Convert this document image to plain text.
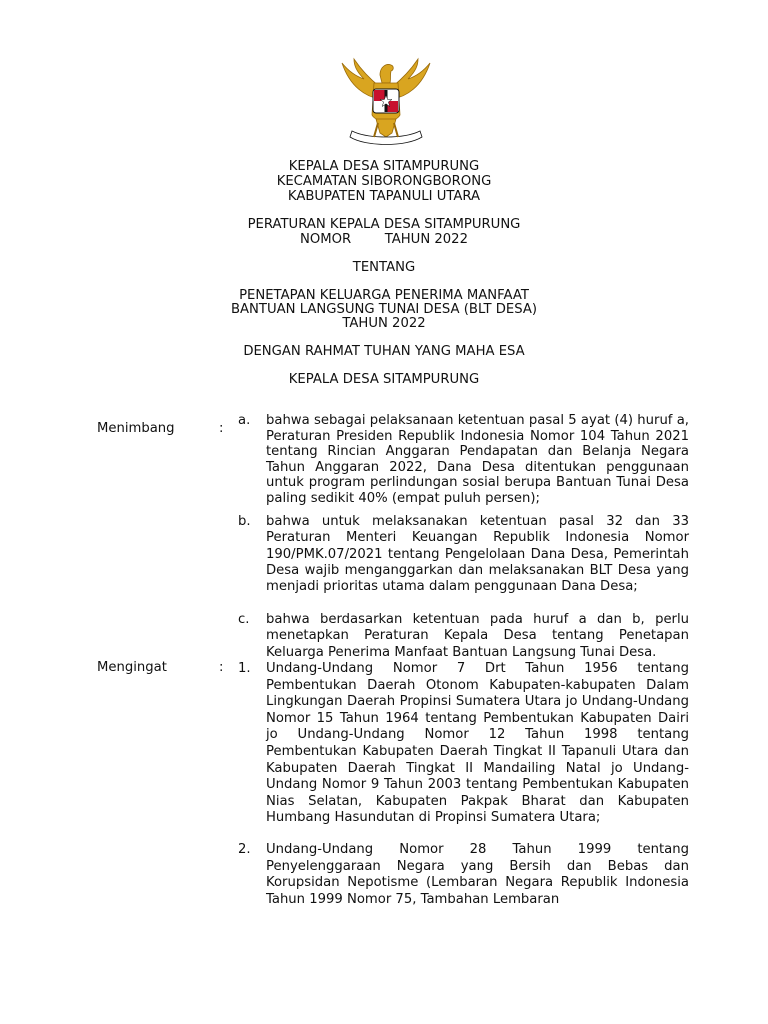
KEPALA DESA SITAMPURUNG
KECAMATAN SIBORONGBORONG
KABUPATEN TAPANULI UTARA
PERATURAN KEPALA DESA SITAMPURUNG
NOMOR        TAHUN 2022
TENTANG
PENETAPAN KELUARGA PENERIMA MANFAAT
BANTUAN LANGSUNG TUNAI DESA (BLT DESA)
TAHUN 2022
DENGAN RAHMAT TUHAN YANG MAHA ESA
KEPALA DESA SITAMPURUNG
Menimbang	:
a. bahwa sebagai pelaksanaan ketentuan pasal 5 ayat (4) huruf a, Peraturan Presiden Republik Indonesia Nomor 104 Tahun 2021 tentang Rincian Anggaran Pendapatan dan Belanja Negara Tahun Anggaran 2022, Dana Desa ditentukan penggunaan untuk program perlindungan sosial berupa Bantuan Tunai Desa paling sedikit 40% (empat puluh persen);
b. bahwa untuk melaksanakan ketentuan pasal 32 dan 33 Peraturan Menteri Keuangan Republik Indonesia Nomor 190/PMK.07/2021 tentang Pengelolaan Dana Desa, Pemerintah Desa wajib menganggarkan dan melaksanakan BLT Desa yang menjadi prioritas utama dalam penggunaan Dana Desa;
c. bahwa berdasarkan ketentuan pada huruf a dan b, perlu menetapkan Peraturan Kepala Desa tentang Penetapan Keluarga Penerima Manfaat Bantuan Langsung Tunai Desa.
Mengingat	: 1. Undang-Undang Nomor 7 Drt Tahun 1956 tentang Pembentukan Daerah Otonom Kabupaten-kabupaten Dalam Lingkungan Daerah Propinsi Sumatera Utara jo Undang-Undang Nomor 15 Tahun 1964 tentang Pembentukan Kabupaten Dairi jo Undang-Undang Nomor 12 Tahun 1998 tentang Pembentukan Kabupaten Daerah Tingkat II Tapanuli Utara dan Kabupaten Daerah Tingkat II Mandailing Natal jo Undang-Undang Nomor 9 Tahun 2003 tentang Pembentukan Kabupaten Nias Selatan, Kabupaten Pakpak Bharat dan Kabupaten Humbang Hasundutan di Propinsi Sumatera Utara;
2. Undang-Undang Nomor 28 Tahun 1999 tentang Penyelenggaraan Negara yang Bersih dan Bebas dan Korupsidan Nepotisme (Lembaran Negara Republik Indonesia Tahun 1999 Nomor 75, Tambahan Lembaran
